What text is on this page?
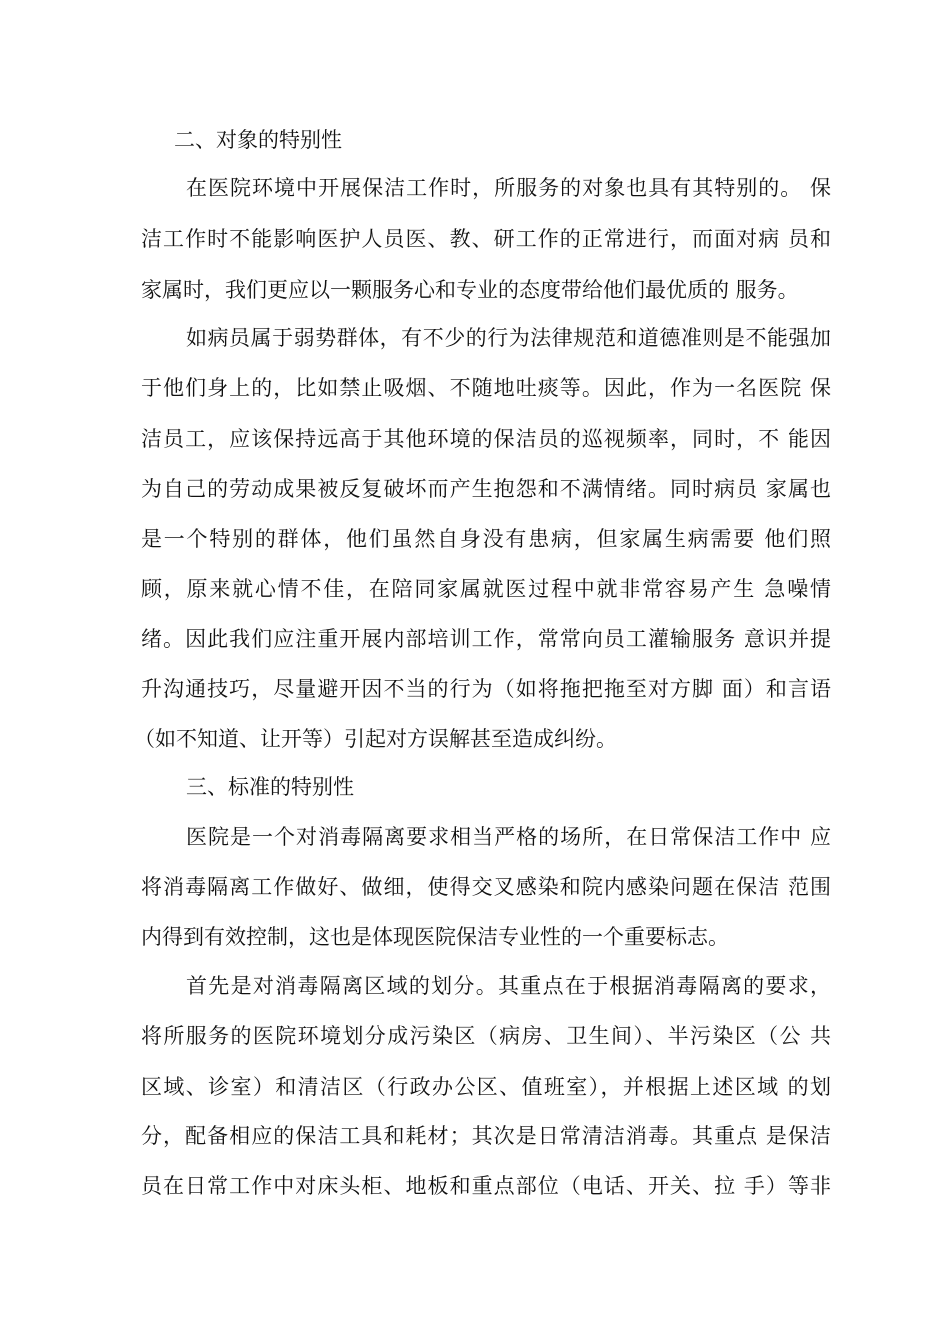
二、对象的特别性
在医院环境中开展保洁工作时，所服务的对象也具有其特别的。 保
洁工作时不能影响医护人员医、教、研工作的正常进行，而面对病 员和
家属时，我们更应以一颗服务心和专业的态度带给他们最优质的 服务。
如病员属于弱势群体，有不少的行为法律规范和道德准则是不能强加
于他们身上的，比如禁止吸烟、不随地吐痰等。因此，作为一名医院 保
洁员工，应该保持远高于其他环境的保洁员的巡视频率，同时，不 能因
为自己的劳动成果被反复破坏而产生抱怨和不满情绪。同时病员 家属也
是一个特别的群体，他们虽然自身没有患病，但家属生病需要 他们照
顾，原来就心情不佳，在陪同家属就医过程中就非常容易产生 急噪情
绪。因此我们应注重开展内部培训工作，常常向员工灌输服务 意识并提
升沟通技巧，尽量避开因不当的行为（如将拖把拖至对方脚 面）和言语
（如不知道、让开等）引起对方误解甚至造成纠纷。
三、标准的特别性
医院是一个对消毒隔离要求相当严格的场所，在日常保洁工作中 应
将消毒隔离工作做好、做细，使得交叉感染和院内感染问题在保洁 范围
内得到有效控制，这也是体现医院保洁专业性的一个重要标志。
首先是对消毒隔离区域的划分。其重点在于根据消毒隔离的要求，
将所服务的医院环境划分成污染区（病房、卫生间）、半污染区（公 共
区域、诊室）和清洁区（行政办公区、值班室），并根据上述区域 的划
分，配备相应的保洁工具和耗材；其次是日常清洁消毒。其重点 是保洁
员在日常工作中对床头柜、地板和重点部位（电话、开关、拉 手）等非
